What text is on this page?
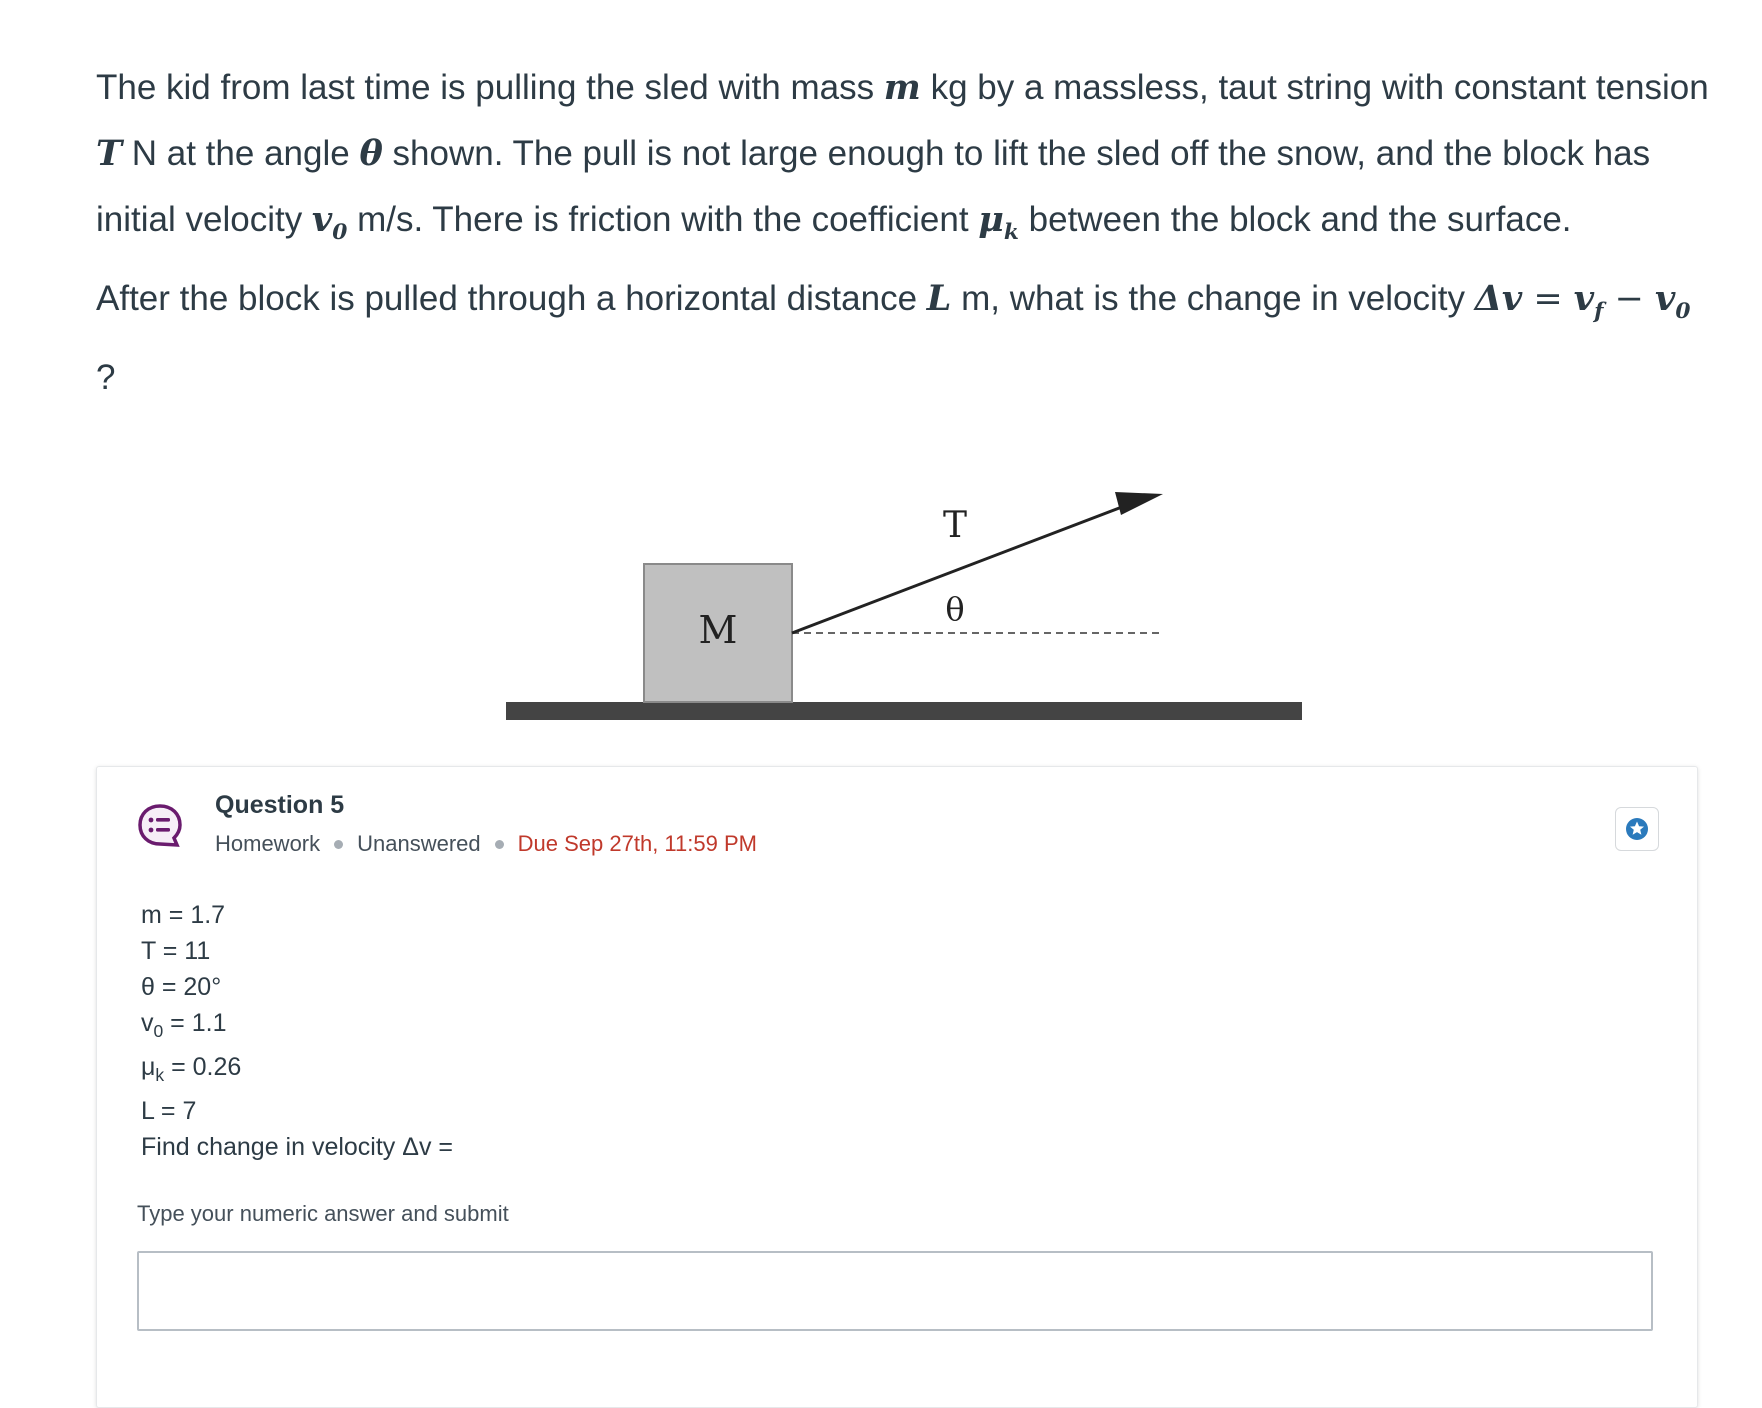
The kid from last time is pulling the sled with mass m kg by a massless, taut string with constant tension

T N at the angle θ shown. The pull is not large enough to lift the sled off the snow, and the block has

initial velocity $v_0$ m/s. There is friction with the coefficient $\mu_k$ between the block and the surface.

After the block is pulled through a horizontal distance L m, what is the change in velocity $\Delta v = v_f - v_0$

?

M
T
θ
Question 5
Homework Unanswered Due Sep 27th, 11:59 PM
m = 1.7
T = 11
θ = 20°
$v_0 = 1.1$
$\mu_k = 0.26$
L = 7
Find change in velocity Δv =
Type your numeric answer and submit
